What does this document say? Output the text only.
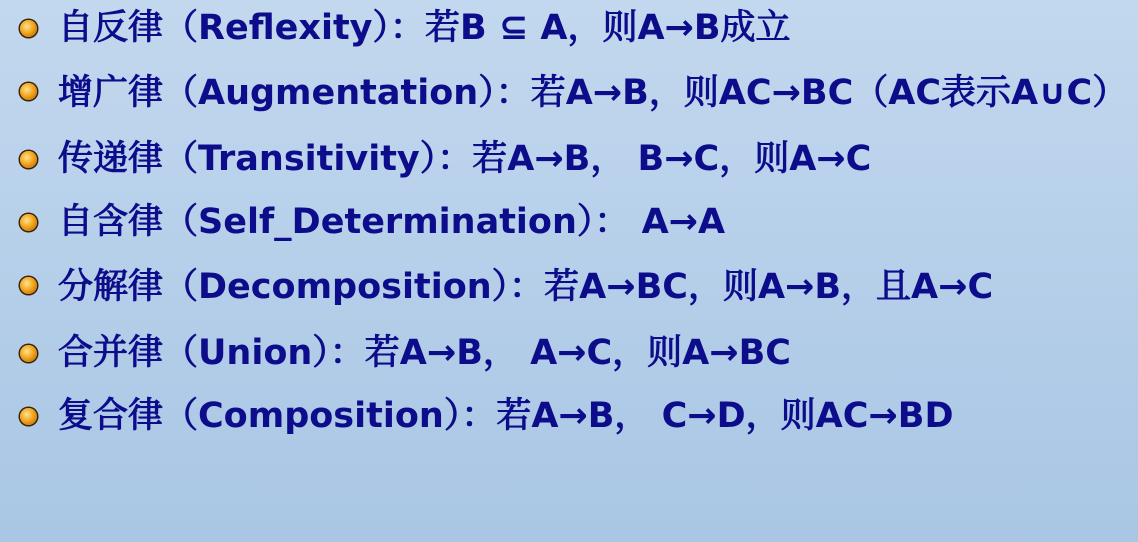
自反律（Reflexity）：若B ⊆ A，则A→B成立
增广律（Augmentation）：若A→B，则AC→BC（AC表示A∪C）
传递律（Transitivity）：若A→B， B→C，则A→C
自含律（Self_Determination）： A→A
分解律（Decomposition）：若A→BC，则A→B，且A→C
合并律（Union）：若A→B， A→C，则A→BC
复合律（Composition）：若A→B， C→D，则AC→BD
